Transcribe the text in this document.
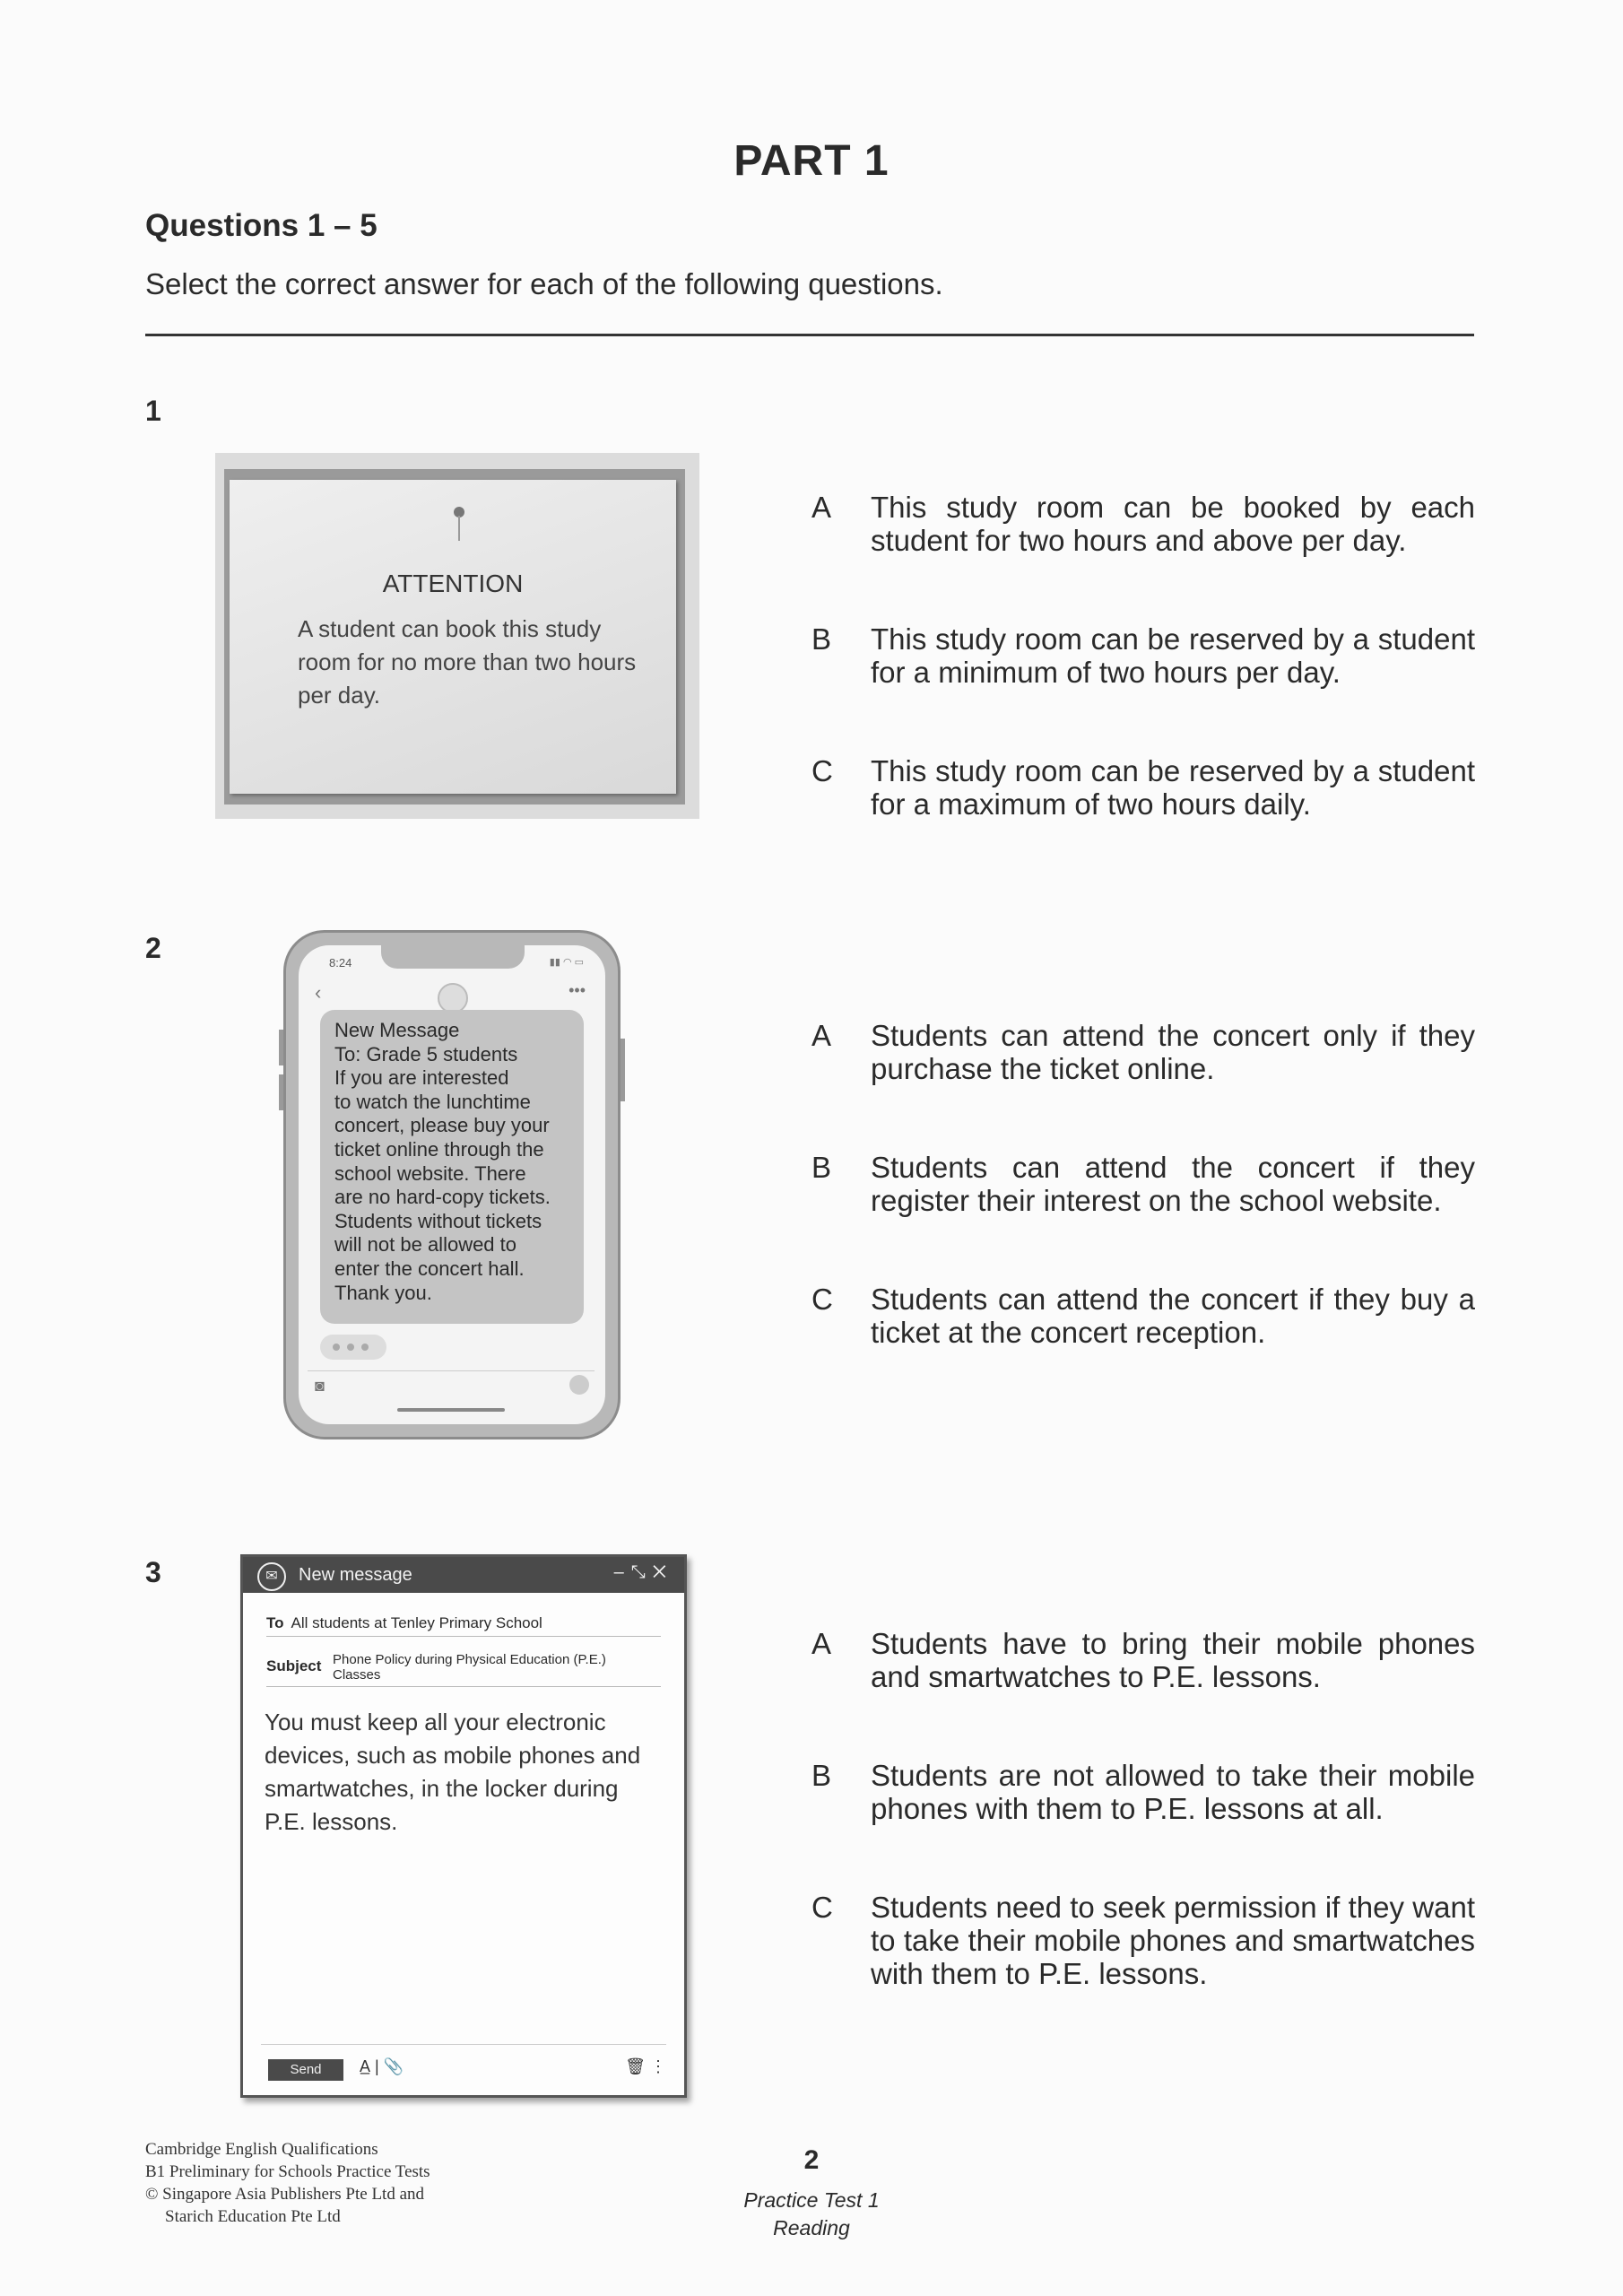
PART 1
Questions 1 – 5
Select the correct answer for each of the following questions.
1
ATTENTION
A student can book this study room for no more than two hours per day.
A This study room can be booked by each student for two hours and above per day.
B This study room can be reserved by a student for a minimum of two hours per day.
C This study room can be reserved by a student for a maximum of two hours daily.
2	8:24	▮▮ ◠ ▭
‹	•••
New Message
To: Grade 5 students
If you are interested
to watch the lunchtime
concert, please buy your
ticket online through the
school website. There
are no hard-copy tickets.
Students without tickets
will not be allowed to
enter the concert hall.
Thank you.
◙
A Students can attend the concert only if they purchase the ticket online.
B Students can attend the concert if they register their interest on the school website.
C Students can attend the concert if they buy a ticket at the concert reception.
3	✉	New message	–⤡✕
To All students at Tenley Primary School
Subject Phone Policy during Physical Education (P.E.) Classes
You must keep all your electronic devices, such as mobile phones and smartwatches, in the locker during P.E. lessons.
Send	A̲ | 📎	🗑 ⋮
A Students have to bring their mobile phones and smartwatches to P.E. lessons.
B Students are not allowed to take their mobile phones with them to P.E. lessons at all.
C Students need to seek permission if they want to take their mobile phones and smartwatches with them to P.E. lessons.
Cambridge English Qualifications
B1 Preliminary for Schools Practice Tests
© Singapore Asia Publishers Pte Ltd and
Starich Education Pte Ltd
2
Practice Test 1
Reading
